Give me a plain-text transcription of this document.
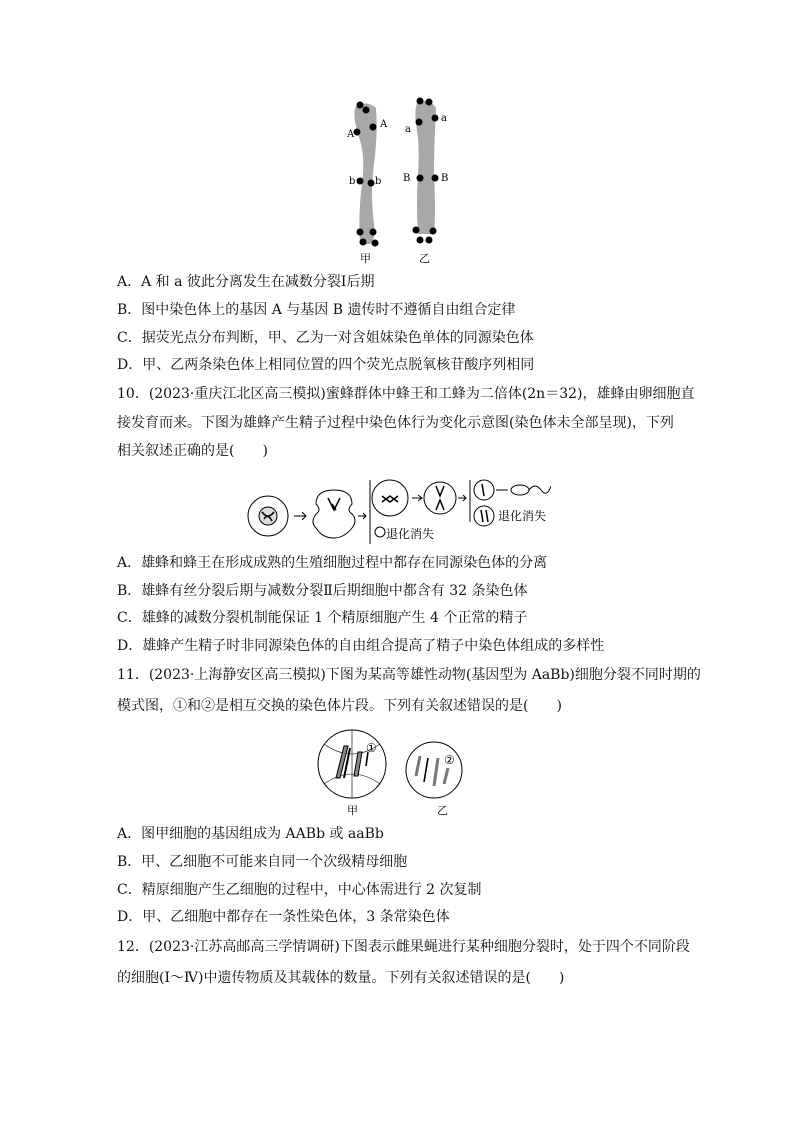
A
A
b b
a
a
B	B
甲	乙
A．A 和 a 彼此分离发生在减数分裂Ⅰ后期
B．图中染色体上的基因 A 与基因 B 遗传时不遵循自由组合定律
C．据荧光点分布判断，甲、乙为一对含姐妹染色单体的同源染色体
D．甲、乙两条染色体上相同位置的四个荧光点脱氧核苷酸序列相同
10．(2023·重庆江北区高三模拟)蜜蜂群体中蜂王和工蜂为二倍体(2n＝32)，雄蜂由卵细胞直
接发育而来。下图为雄蜂产生精子过程中染色体行为变化示意图(染色体未全部呈现)，下列
相关叙述正确的是(　　)
退化消失
退化消失
A．雄蜂和蜂王在形成成熟的生殖细胞过程中都存在同源染色体的分离
B．雄蜂有丝分裂后期与减数分裂Ⅱ后期细胞中都含有 32 条染色体
C．雄蜂的减数分裂机制能保证 1 个精原细胞产生 4 个正常的精子
D．雄蜂产生精子时非同源染色体的自由组合提高了精子中染色体组成的多样性
11．(2023·上海静安区高三模拟)下图为某高等雄性动物(基因型为 AaBb)细胞分裂不同时期的
模式图，①和②是相互交换的染色体片段。下列有关叙述错误的是(　　)
①
②
甲	乙
A．图甲细胞的基因组成为 AABb 或 aaBb
B．甲、乙细胞不可能来自同一个次级精母细胞
C．精原细胞产生乙细胞的过程中，中心体需进行 2 次复制
D．甲、乙细胞中都存在一条性染色体，3 条常染色体
12．(2023·江苏高邮高三学情调研)下图表示雌果蝇进行某种细胞分裂时，处于四个不同阶段
的细胞(Ⅰ～Ⅳ)中遗传物质及其载体的数量。下列有关叙述错误的是(　　)
